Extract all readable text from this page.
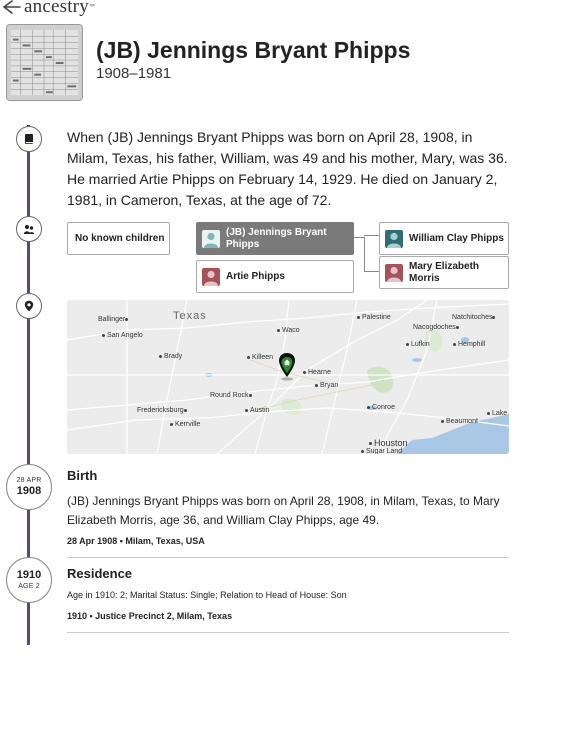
ancestry ™
(JB) Jennings Bryant Phipps
1908–1981
When (JB) Jennings Bryant Phipps was born on April 28, 1908, in Milam, Texas, his father, William, was 49 and his mother, Mary, was 36. He married Artie Phipps on February 14, 1929. He died on January 2, 1981, in Cameron, Texas, at the age of 72.
No known children
(JB) Jennings Bryant Phipps
Artie Phipps
William Clay Phipps
Mary Elizabeth Morris
Texas
Ballinger
San Angelo
Brady	Killeen
Waco
Palestine	Natchitoches
Nacogdoches
Lufkin	Hemphill
Hearne
Bryan
Round Rock
Fredericksburg	Austin
Kerrville
Conroe
Lake
Beaumont
Houston
Sugar Land
28 APR
1908
Birth
(JB) Jennings Bryant Phipps was born on April 28, 1908, in Milam, Texas, to Mary Elizabeth Morris, age 36, and William Clay Phipps, age 49.
28 Apr 1908 • Milam, Texas, USA
1910
AGE 2
Residence
Age in 1910: 2; Marital Status: Single; Relation to Head of House: Son
1910 • Justice Precinct 2, Milam, Texas
